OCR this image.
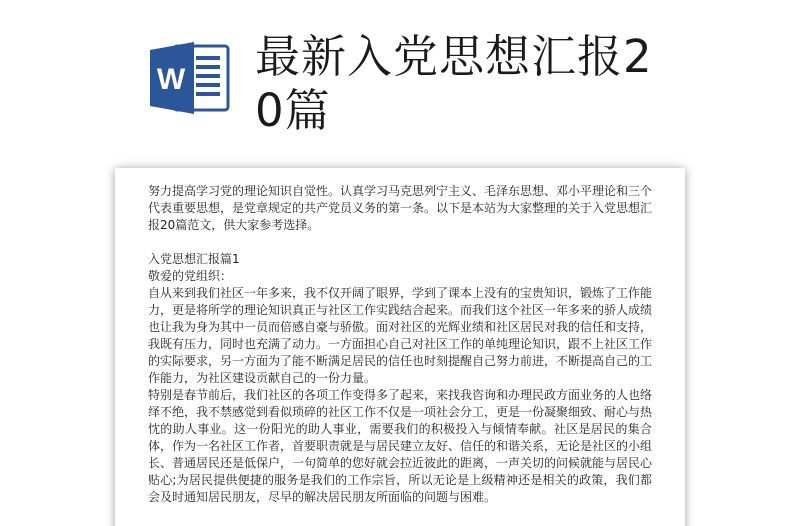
W 最新入党思想汇报20篇

努力提高学习党的理论知识自觉性。认真学习马克思列宁主义、毛泽东思想、邓小平理论和三个代表重要思想，是党章规定的共产党员义务的第一条。以下是本站为大家整理的关于入党思想汇报20篇范文，供大家参考选择。

入党思想汇报篇1

敬爱的党组织：

自从来到我们社区一年多来，我不仅开阔了眼界，学到了课本上没有的宝贵知识，锻炼了工作能力，更是将所学的理论知识真正与社区工作实践结合起来。而我们这个社区一年多来的骄人成绩也让我为身为其中一员而倍感自豪与骄傲。面对社区的光辉业绩和社区居民对我的信任和支持，我既有压力，同时也充满了动力。一方面担心自己对社区工作的单纯理论知识，跟不上社区工作的实际要求，另一方面为了能不断满足居民的信任也时刻提醒自己努力前进，不断提高自己的工作能力，为社区建设贡献自己的一份力量。

特别是春节前后，我们社区的各项工作变得多了起来，来找我咨询和办理民政方面业务的人也络绎不绝，我不禁感觉到看似琐碎的社区工作不仅是一项社会分工，更是一份凝聚细致、耐心与热忱的助人事业。这一份阳光的助人事业，需要我们的积极投入与倾情奉献。社区是居民的集合体，作为一名社区工作者，首要职责就是与居民建立友好、信任的和谐关系，无论是社区的小组长、普通居民还是低保户，一句简单的您好就会拉近彼此的距离，一声关切的问候就能与居民心贴心;为居民提供便捷的服务是我们的工作宗旨，所以无论是上级精神还是相关的政策，我们都会及时通知居民朋友，尽早的解决居民朋友所面临的问题与困难。
